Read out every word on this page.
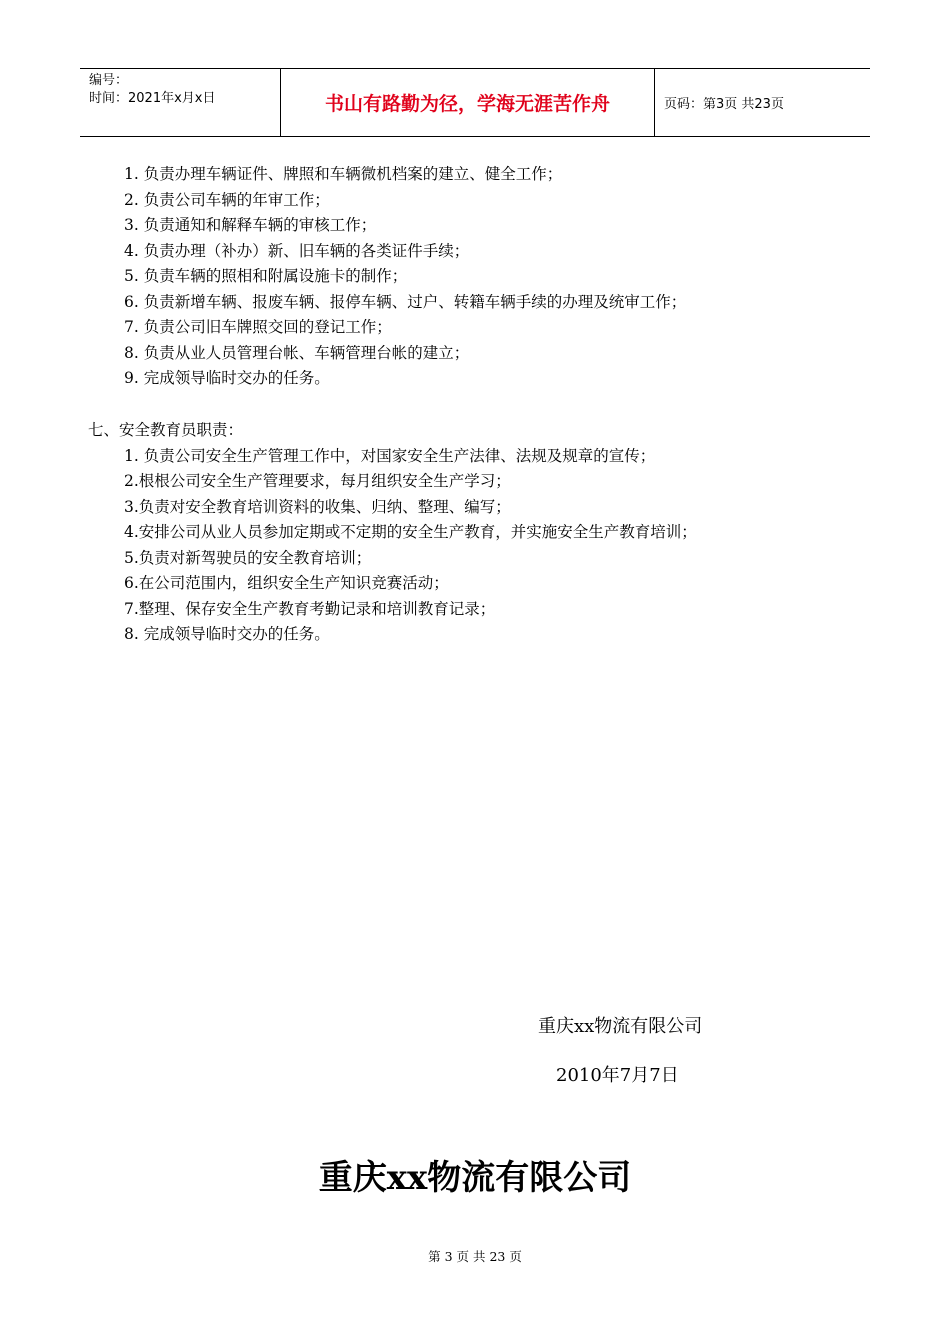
编号：
时间：2021年x月x日	书山有路勤为径，学海无涯苦作舟	页码：第3页 共23页
1. 负责办理车辆证件、牌照和车辆微机档案的建立、健全工作；
2. 负责公司车辆的年审工作；
3. 负责通知和解释车辆的审核工作；
4. 负责办理（补办）新、旧车辆的各类证件手续；
5. 负责车辆的照相和附属设施卡的制作；
6. 负责新增车辆、报废车辆、报停车辆、过户、转籍车辆手续的办理及统审工作；
7. 负责公司旧车牌照交回的登记工作；
8. 负责从业人员管理台帐、车辆管理台帐的建立；
9. 完成领导临时交办的任务。
七、安全教育员职责：
1. 负责公司安全生产管理工作中，对国家安全生产法律、法规及规章的宣传；
2.根根公司安全生产管理要求，每月组织安全生产学习；
3.负责对安全教育培训资料的收集、归纳、整理、编写；
4.安排公司从业人员参加定期或不定期的安全生产教育，并实施安全生产教育培训；
5.负责对新驾驶员的安全教育培训；
6.在公司范围内，组织安全生产知识竞赛活动；
7.整理、保存安全生产教育考勤记录和培训教育记录；
8. 完成领导临时交办的任务。
重庆xx物流有限公司
2010年7月7日
重庆xx物流有限公司
第 3 页 共 23 页
